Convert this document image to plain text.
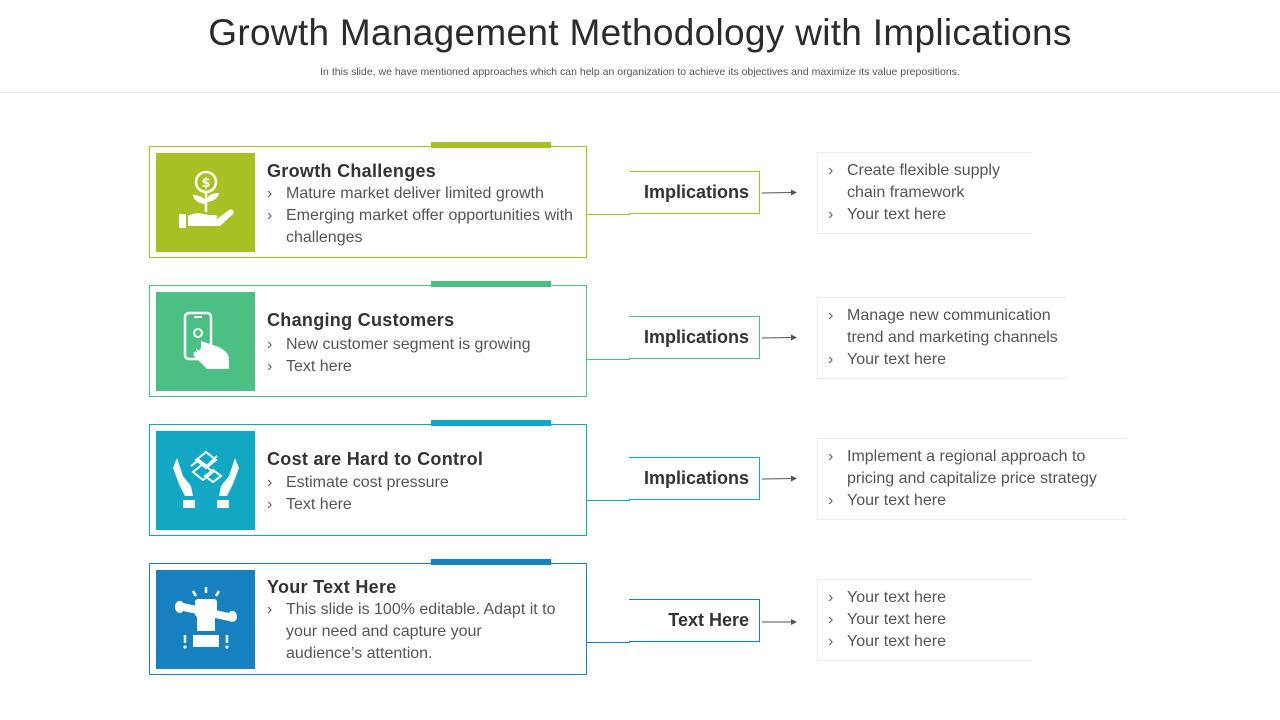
Growth Management Methodology with Implications
In this slide, we have mentioned approaches which can help an organization to achieve its objectives and maximize its value prepositions.
$
Growth Challenges
› Mature market deliver limited growth
› Emerging market offer opportunities with challenges
Implications
› Create flexible supply chain framework
› Your text here
Changing Customers
› New customer segment is growing
› Text here
Implications
› Manage new communication trend and marketing channels
› Your text here
Cost are Hard to Control
› Estimate cost pressure
› Text here
Implications
› Implement a regional approach to pricing and capitalize price strategy
› Your text here
Your Text Here
› This slide is 100% editable. Adapt it to your need and capture your audience’s attention.
Text Here
› Your text here
› Your text here
› Your text here
